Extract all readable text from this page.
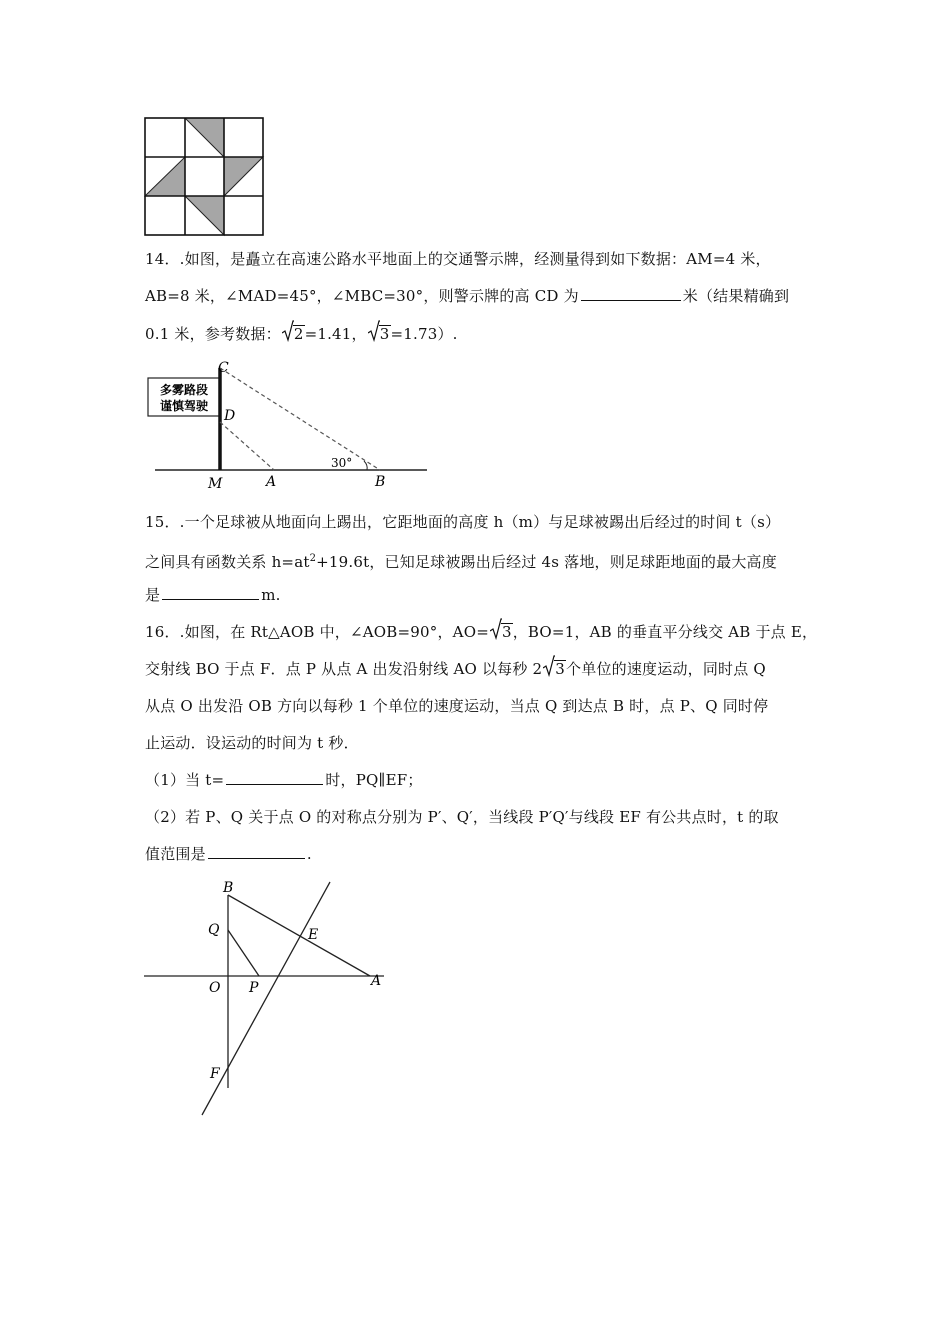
14．.如图，是矗立在高速公路水平地面上的交通警示牌，经测量得到如下数据：AM=4 米，
AB=8 米，∠MAD=45°，∠MBC=30°，则警示牌的高 CD 为	米（结果精确到
0.1 米，参考数据： 2=1.41， 3=1.73）.
多雾路段
谨慎驾驶
C
D
M	A	B
30°
15．.一个足球被从地面向上踢出，它距地面的高度 h（m）与足球被踢出后经过的时间 t（s）
之间具有函数关系 $h=at^2+19.6t$，已知足球被踢出后经过 4s 落地，则足球距地面的最大高度
是	m.
16．.如图，在 Rt△AOB 中，∠AOB=90°，AO= 3，BO=1，AB 的垂直平分线交 AB 于点 E，
交射线 BO 于点 F．点 P 从点 A 出发沿射线 AO 以每秒 2 3个单位的速度运动，同时点 Q
从点 O 出发沿 OB 方向以每秒 1 个单位的速度运动，当点 Q 到达点 B 时，点 P、Q 同时停
止运动．设运动的时间为 t 秒．
（1）当 t=	时，PQ∥EF；
（2）若 P、Q 关于点 O 的对称点分别为 P′、Q′，当线段 P′Q′与线段 EF 有公共点时，t 的取
值范围是	.
B
Q	E
O P	A
F
